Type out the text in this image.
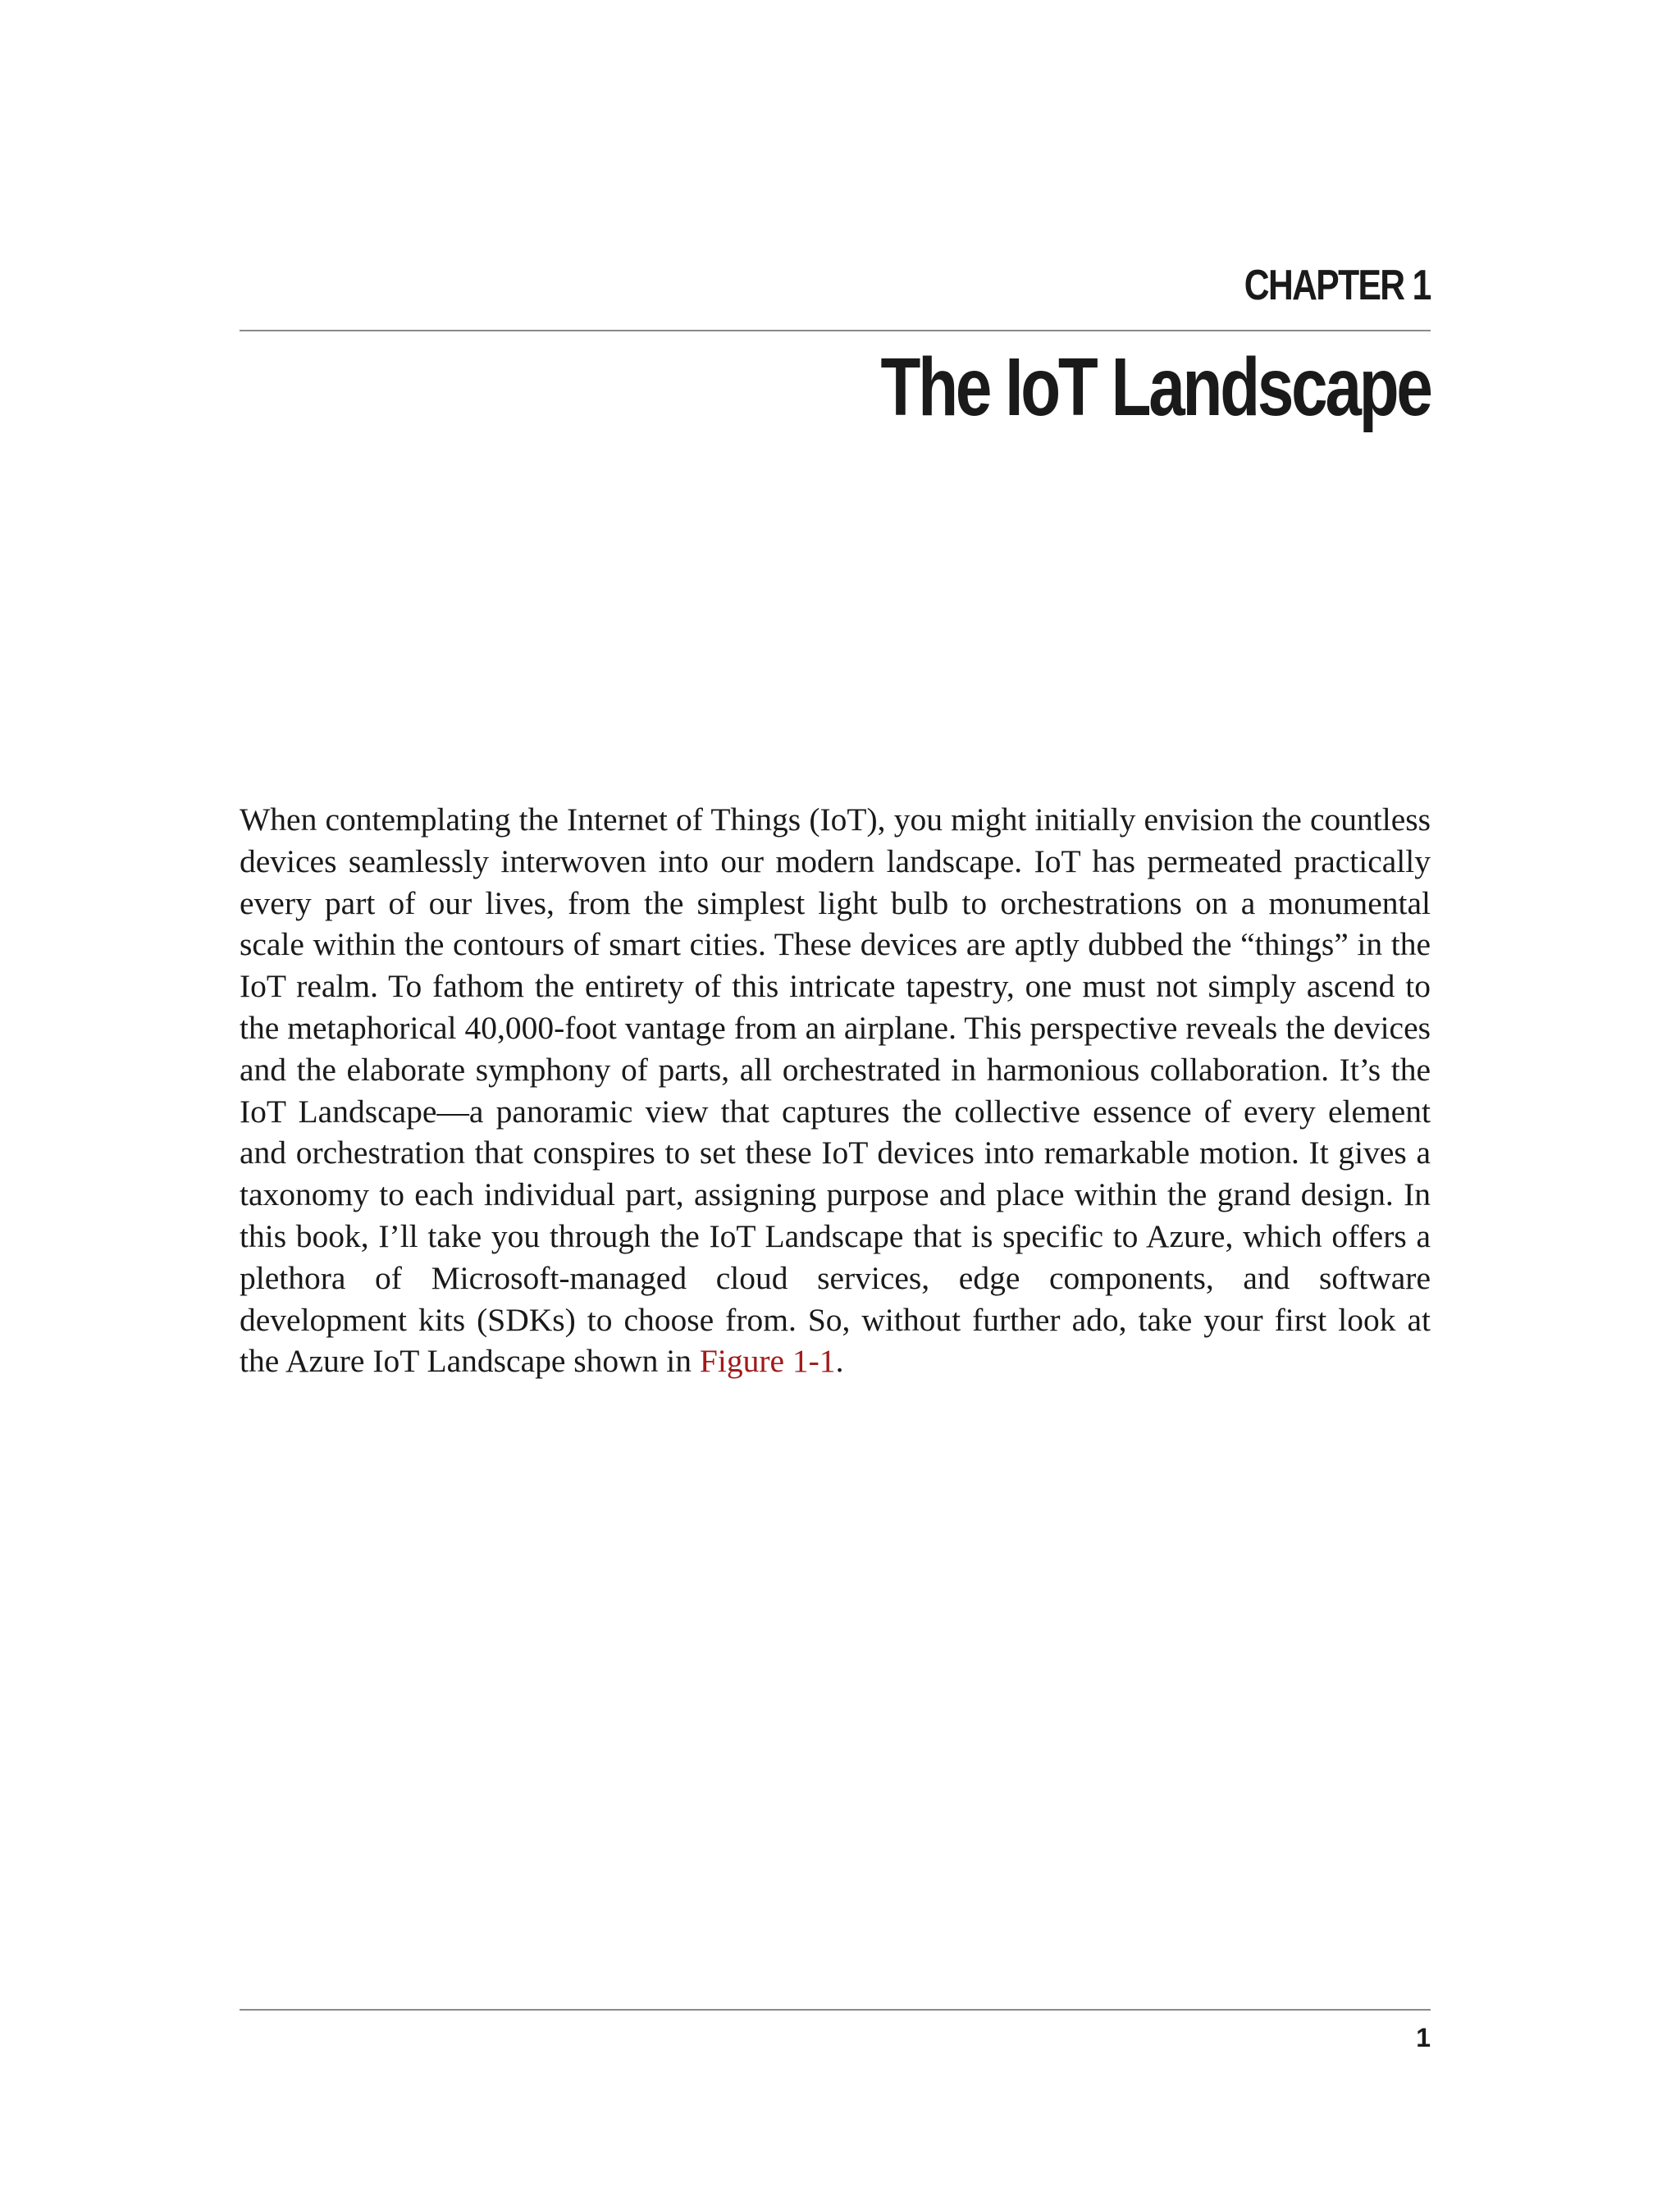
CHAPTER 1
The IoT Landscape

When contemplating the Internet of Things (IoT), you might initially envision the countless devices seamlessly interwoven into our modern landscape. IoT has permeated practically every part of our lives, from the simplest light bulb to orchestrations on a monumental scale within the contours of smart cities. These devices are aptly dubbed the “things” in the IoT realm. To fathom the entirety of this intricate tapestry, one must not simply ascend to the metaphorical 40,000-foot vantage from an airplane. This perspective reveals the devices and the elaborate symphony of parts, all orchestrated in harmonious collaboration. It’s the IoT Landscape—a panoramic view that captures the collective essence of every element and orchestration that conspires to set these IoT devices into remarkable motion. It gives a taxonomy to each individual part, assigning purpose and place within the grand design. In this book, I’ll take you through the IoT Landscape that is specific to Azure, which offers a plethora of Microsoft-managed cloud services, edge components, and software development kits (SDKs) to choose from. So, without further ado, take your first look at the Azure IoT Landscape shown in Figure 1-1.

1
